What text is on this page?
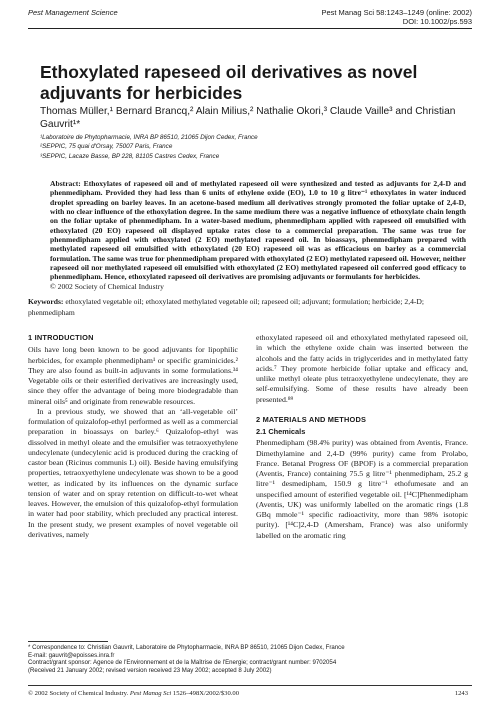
Pest Management Science	Pest Manag Sci 58:1243–1249 (online: 2002)
DOI: 10.1002/ps.593
Ethoxylated rapeseed oil derivatives as novel adjuvants for herbicides
Thomas Müller,¹ Bernard Brancq,² Alain Milius,² Nathalie Okori,³ Claude Vaille³ and Christian Gauvrit¹*
¹Laboratoire de Phytopharmacie, INRA BP 86510, 21065 Dijon Cedex, France
²SEPPIC, 75 quai d'Orsay, 75007 Paris, France
³SEPPIC, Lacaze Basse, BP 228, 81105 Castres Cedex, France
Abstract: Ethoxylates of rapeseed oil and of methylated rapeseed oil were synthesized and tested as adjuvants for 2,4-D and phenmedipham. Provided they had less than 6 units of ethylene oxide (EO), 1.0 to 10 g litre⁻¹ ethoxylates in water induced droplet spreading on barley leaves. In an acetone-based medium all derivatives strongly promoted the foliar uptake of 2,4-D, with no clear influence of the ethoxylation degree. In the same medium there was a negative influence of ethoxylate chain length on the foliar uptake of phenmedipham. In a water-based medium, phenmedipham applied with rapeseed oil emulsified with ethoxylated (20 EO) rapeseed oil displayed uptake rates close to a commercial preparation. The same was true for phenmedipham applied with ethoxylated (2 EO) methylated rapeseed oil. In bioassays, phenmedipham prepared with methylated rapeseed oil emulsified with ethoxylated (20 EO) rapeseed oil was as efficacious on barley as a commercial formulation. The same was true for phenmedipham prepared with ethoxylated (2 EO) methylated rapeseed oil. However, neither rapeseed oil nor methylated rapeseed oil emulsified with ethoxylated (2 EO) methylated rapeseed oil conferred good efficacy to phenmedipham. Hence, ethoxylated rapeseed oil derivatives are promising adjuvants or formulants for herbicides.
© 2002 Society of Chemical Industry
Keywords: ethoxylated vegetable oil; ethoxylated methylated vegetable oil; rapeseed oil; adjuvant; formulation; herbicide; 2,4-D; phenmedipham
1 INTRODUCTION

Oils have long been known to be good adjuvants for lipophilic herbicides, for example phenmedipham¹ or specific graminicides.² They are also found as built-in adjuvants in some formulations.³⁴ Vegetable oils or their esterified derivatives are increasingly used, since they offer the advantage of being more biodegradable than mineral oils⁵ and originate from renewable resources.

In a previous study, we showed that an ‘all-vegetable oil’ formulation of quizalofop-ethyl performed as well as a commercial preparation in bioassays on barley.⁶ Quizalofop-ethyl was dissolved in methyl oleate and the emulsifier was tetraoxyethylene undecylenate (undecylenic acid is produced during the cracking of castor bean (Ricinus communis L) oil). Beside having emulsifying properties, tetraoxyethylene undecylenate was shown to be a good wetter, as indicated by its influences on the dynamic surface tension of water and on spray retention on difficult-to-wet wheat leaves. However, the emulsion of this quizalofop-ethyl formulation in water had poor stability, which precluded any practical interest. In the present study, we present examples of novel vegetable oil derivatives, namely

ethoxylated rapeseed oil and ethoxylated methylated rapeseed oil, in which the ethylene oxide chain was inserted between the alcohols and the fatty acids in triglycerides and in methylated fatty acids.⁷ They promote herbicide foliar uptake and efficacy and, unlike methyl oleate plus tetraoxyethylene undecylenate, they are self-emulsifying. Some of these results have already been presented.⁸⁹

2 MATERIALS AND METHODS
2.1 Chemicals

Phenmedipham (98.4% purity) was obtained from Aventis, France. Dimethylamine and 2,4-D (99% purity) came from Prolabo, France. Betanal Progress OF (BPOF) is a commercial preparation (Aventis, France) containing 75.5 g litre⁻¹ phenmedipham, 25.2 g litre⁻¹ desmedipham, 150.9 g litre⁻¹ ethofumesate and an unspecified amount of esterified vegetable oil. [¹⁴C]Phenmedipham (Aventis, UK) was uniformly labelled on the aromatic rings (1.8 GBq mmole⁻¹ specific radioactivity, more than 98% isotopic purity). [¹⁴C]2,4-D (Amersham, France) was also uniformly labelled on the aromatic ring

* Correspondence to: Christian Gauvrit, Laboratoire de Phytopharmacie, INRA BP 86510, 21065 Dijon Cedex, France
E-mail: gauvrit@epoisses.inra.fr
Contract/grant sponsor: Agence de l'Environnement et de la Maîtrise de l'Energie; contract/grant number: 9702054
(Received 21 January 2002; revised version received 23 May 2002; accepted 8 July 2002)
© 2002 Society of Chemical Industry. Pest Manag Sci 1526–498X/2002/$30.00	1243
